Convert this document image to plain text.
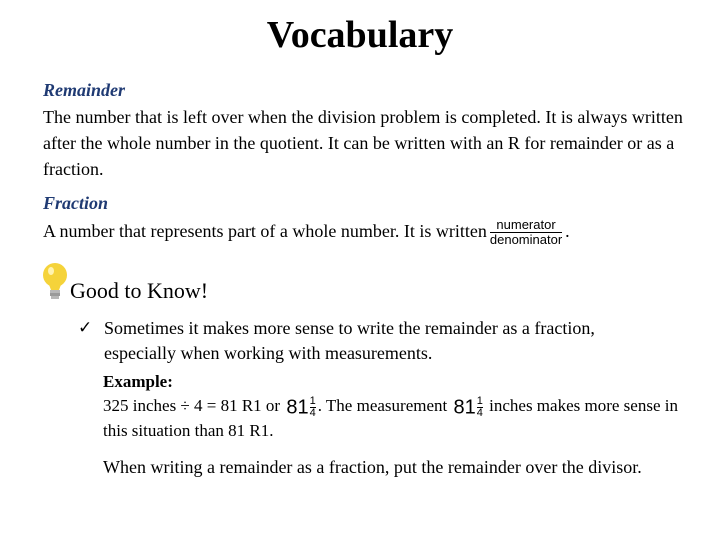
Vocabulary
Remainder
The number that is left over when the division problem is completed. It is always written after the whole number in the quotient. It can be written with an R for remainder or as a fraction.
Fraction
A number that represents part of a whole number. It is written $\frac{\text{numerator}}{\text{denominator}}$ .
Good to Know!
✓ Sometimes it makes more sense to write the remainder as a fraction, especially when working with measurements.
Example:
325 inches ÷ 4 = 81 R1 or $81 \frac{1}{4}$ . The measurement $81 \frac{1}{4}$ inches makes more sense in this situation than 81 R1.
When writing a remainder as a fraction, put the remainder over the divisor.
